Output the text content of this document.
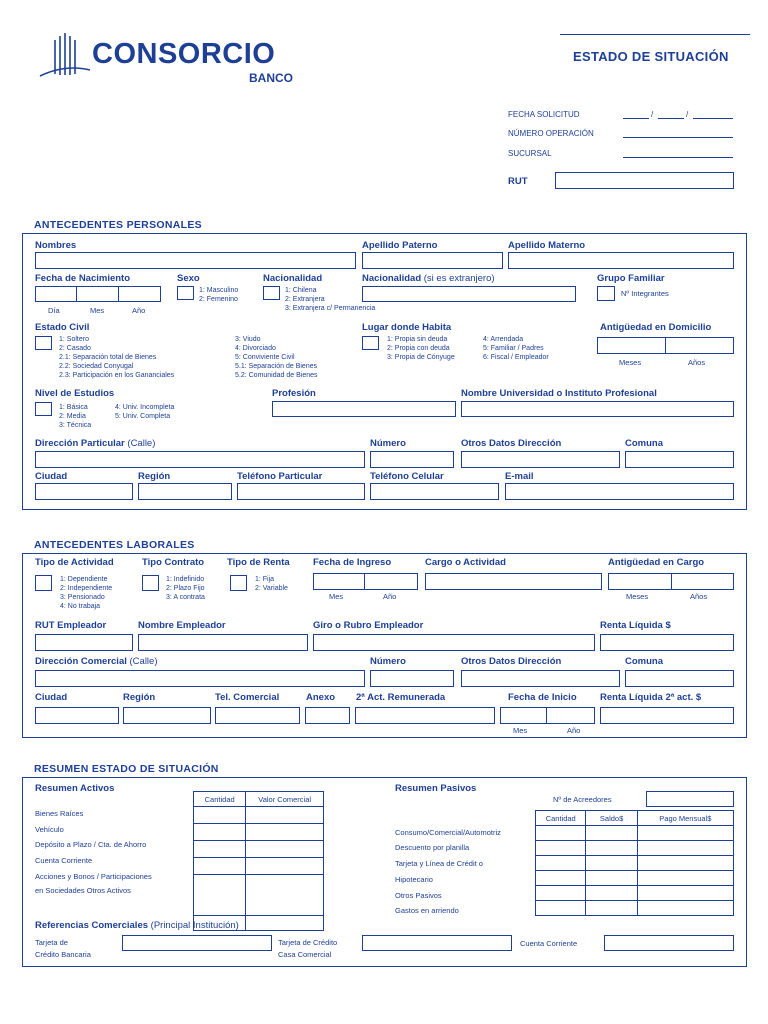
CONSORCIO
BANCO
ESTADO DE SITUACIÓN
FECHA SOLICITUD	/	/
NÚMERO OPERACIÓN
SUCURSAL
RUT
ANTECEDENTES PERSONALES
Nombres	Apellido Paterno	Apellido Materno
Fecha de Nacimiento
Día	Mes	Año
Sexo
1: Masculino
2: Femenino
Nacionalidad
1: Chilena
2: Extranjera
3: Extranjera c/ Permanencia
Nacionalidad (si es extranjero)	Grupo Familiar
Nº Integrantes
Estado Civil
1: Soltero
2: Casado
2.1: Separación total de Bienes
2.2: Sociedad Conyugal
2.3: Participación en los Gananciales
3: Viudo
4: Divorciado
5: Conviviente Civil
5.1: Separación de Bienes
5.2: Comunidad de Bienes
Lugar donde Habita
1: Propia sin deuda
2: Propia con deuda
3: Propia de Cónyuge
4: Arrendada
5: Familiar / Padres
6: Fiscal / Empleador
Antigüedad en Domicilio
Meses	Años
Nivel de Estudios
1: Básica
2: Media
3: Técnica
4: Univ. Incompleta
5: Univ. Completa
Profesión	Nombre Universidad o Instituto Profesional
Dirección Particular (Calle)	Número	Otros Datos Dirección	Comuna
Ciudad	Región	Teléfono Particular	Teléfono Celular	E-mail
ANTECEDENTES LABORALES
Tipo de Actividad
1: Dependiente
2: Independiente
3: Pensionado
4: No trabaja
Tipo Contrato
1: Indefinido
2: Plazo Fijo
3: A contrata
Tipo de Renta
1: Fija
2: Variable
Fecha de Ingreso
Mes	Año
Cargo o Actividad	Antigüedad en Cargo
Meses	Años
RUT Empleador	Nombre Empleador	Giro o Rubro Empleador	Renta Líquida $
Dirección Comercial (Calle)	Número	Otros Datos Dirección	Comuna
Ciudad	Región	Tel. Comercial	Anexo 2ª Act. Remunerada	Fecha de Inicio
Mes	Año
Renta Líquida 2ª act. $
RESUMEN ESTADO DE SITUACIÓN
Resumen Activos
Cantidad	Valor Comercial

Bienes Raíces
Vehículo
Depósito a Plazo / Cta. de Ahorro
Cuenta Corriente
Acciones y Bonos / Participaciones
en Sociedades Otros Activos
Resumen Pasivos
Nº de Acreedores
Cantidad	Saldo$	Pago Mensual$

Consumo/Comercial/Automotriz
Descuento por planilla
Tarjeta y Línea de Crédit o
Hipotecario
Otros Pasivos
Gastos en arriendo
Referencias Comerciales (Principal Institución)
Tarjeta de
Crédito Bancaria
Tarjeta de Crédito
Casa Comercial
Cuenta Corriente
